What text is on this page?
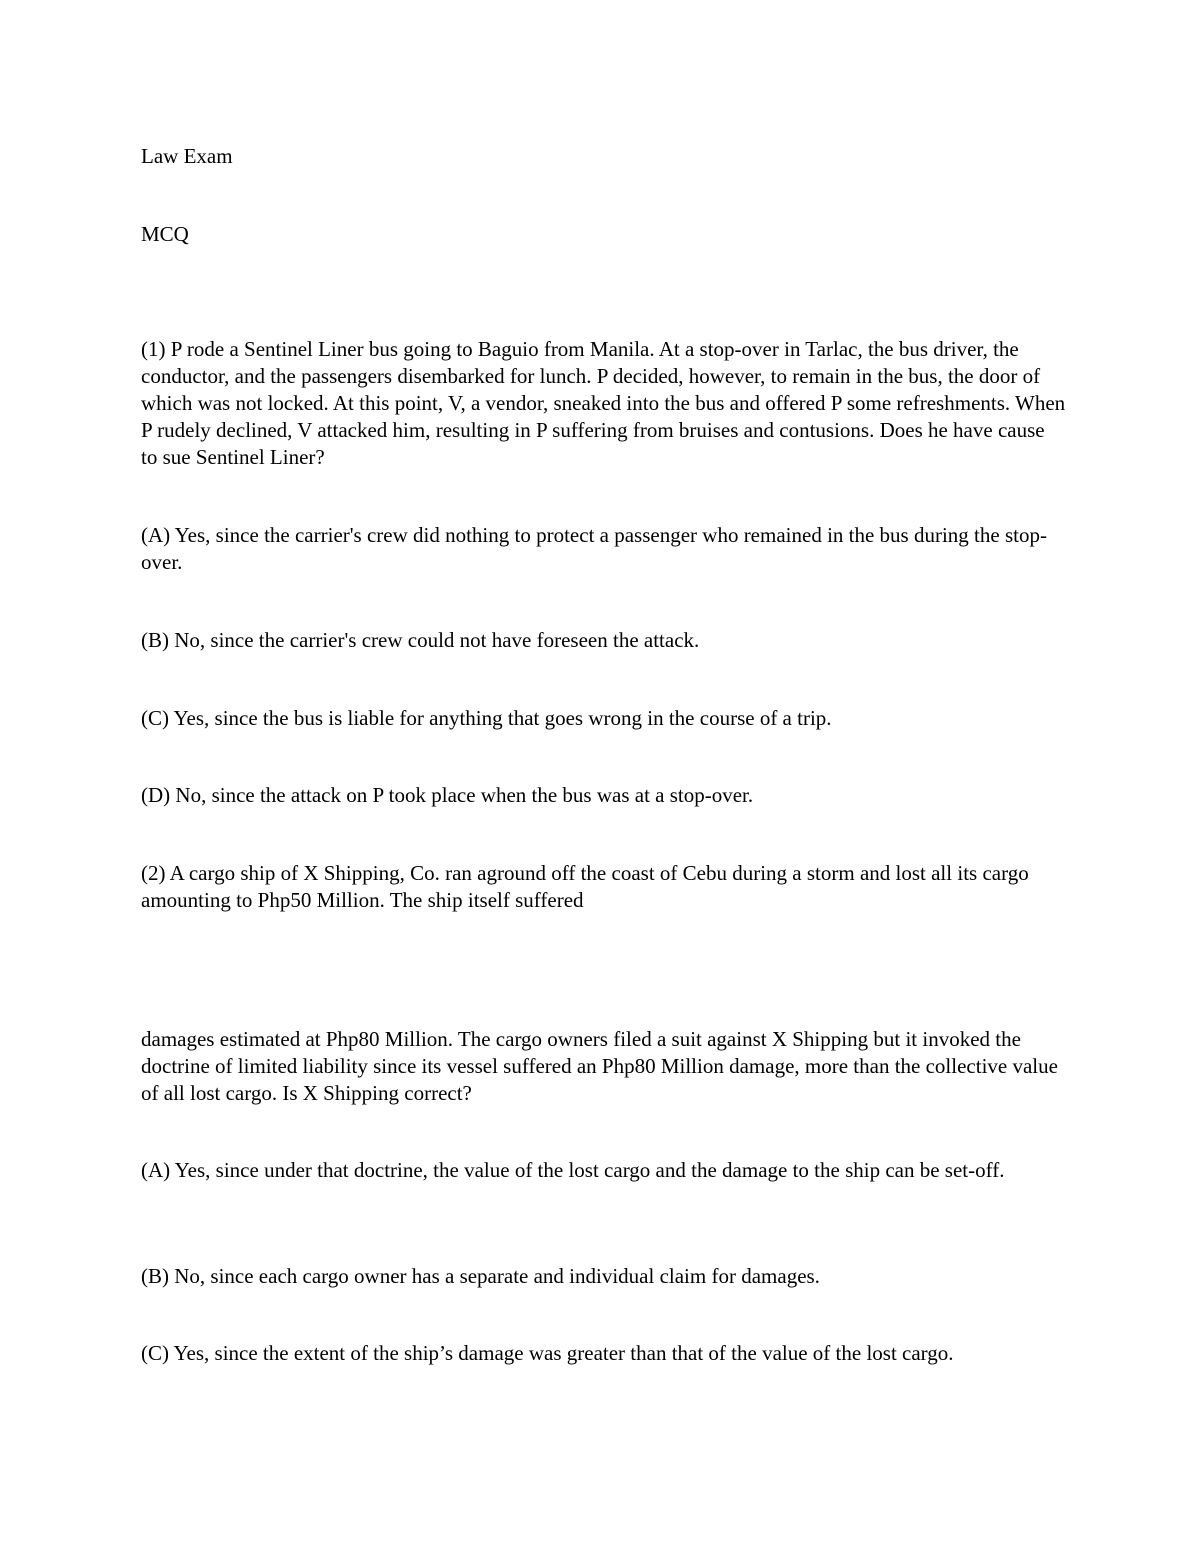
Law Exam

MCQ

(1) P rode a Sentinel Liner bus going to Baguio from Manila. At a stop-over in Tarlac, the bus driver, the conductor, and the passengers disembarked for lunch. P decided, however, to remain in the bus, the door of which was not locked. At this point, V, a vendor, sneaked into the bus and offered P some refreshments. When P rudely declined, V attacked him, resulting in P suffering from bruises and contusions. Does he have cause to sue Sentinel Liner?

(A) Yes, since the carrier's crew did nothing to protect a passenger who remained in the bus during the stop-over.

(B) No, since the carrier's crew could not have foreseen the attack.

(C) Yes, since the bus is liable for anything that goes wrong in the course of a trip.

(D) No, since the attack on P took place when the bus was at a stop-over.

(2) A cargo ship of X Shipping, Co. ran aground off the coast of Cebu during a storm and lost all its cargo amounting to Php50 Million. The ship itself suffered

damages estimated at Php80 Million. The cargo owners filed a suit against X Shipping but it invoked the doctrine of limited liability since its vessel suffered an Php80 Million damage, more than the collective value of all lost cargo. Is X Shipping correct?

(A) Yes, since under that doctrine, the value of the lost cargo and the damage to the ship can be set-off.

(B) No, since each cargo owner has a separate and individual claim for damages.

(C) Yes, since the extent of the ship’s damage was greater than that of the value of the lost cargo.
